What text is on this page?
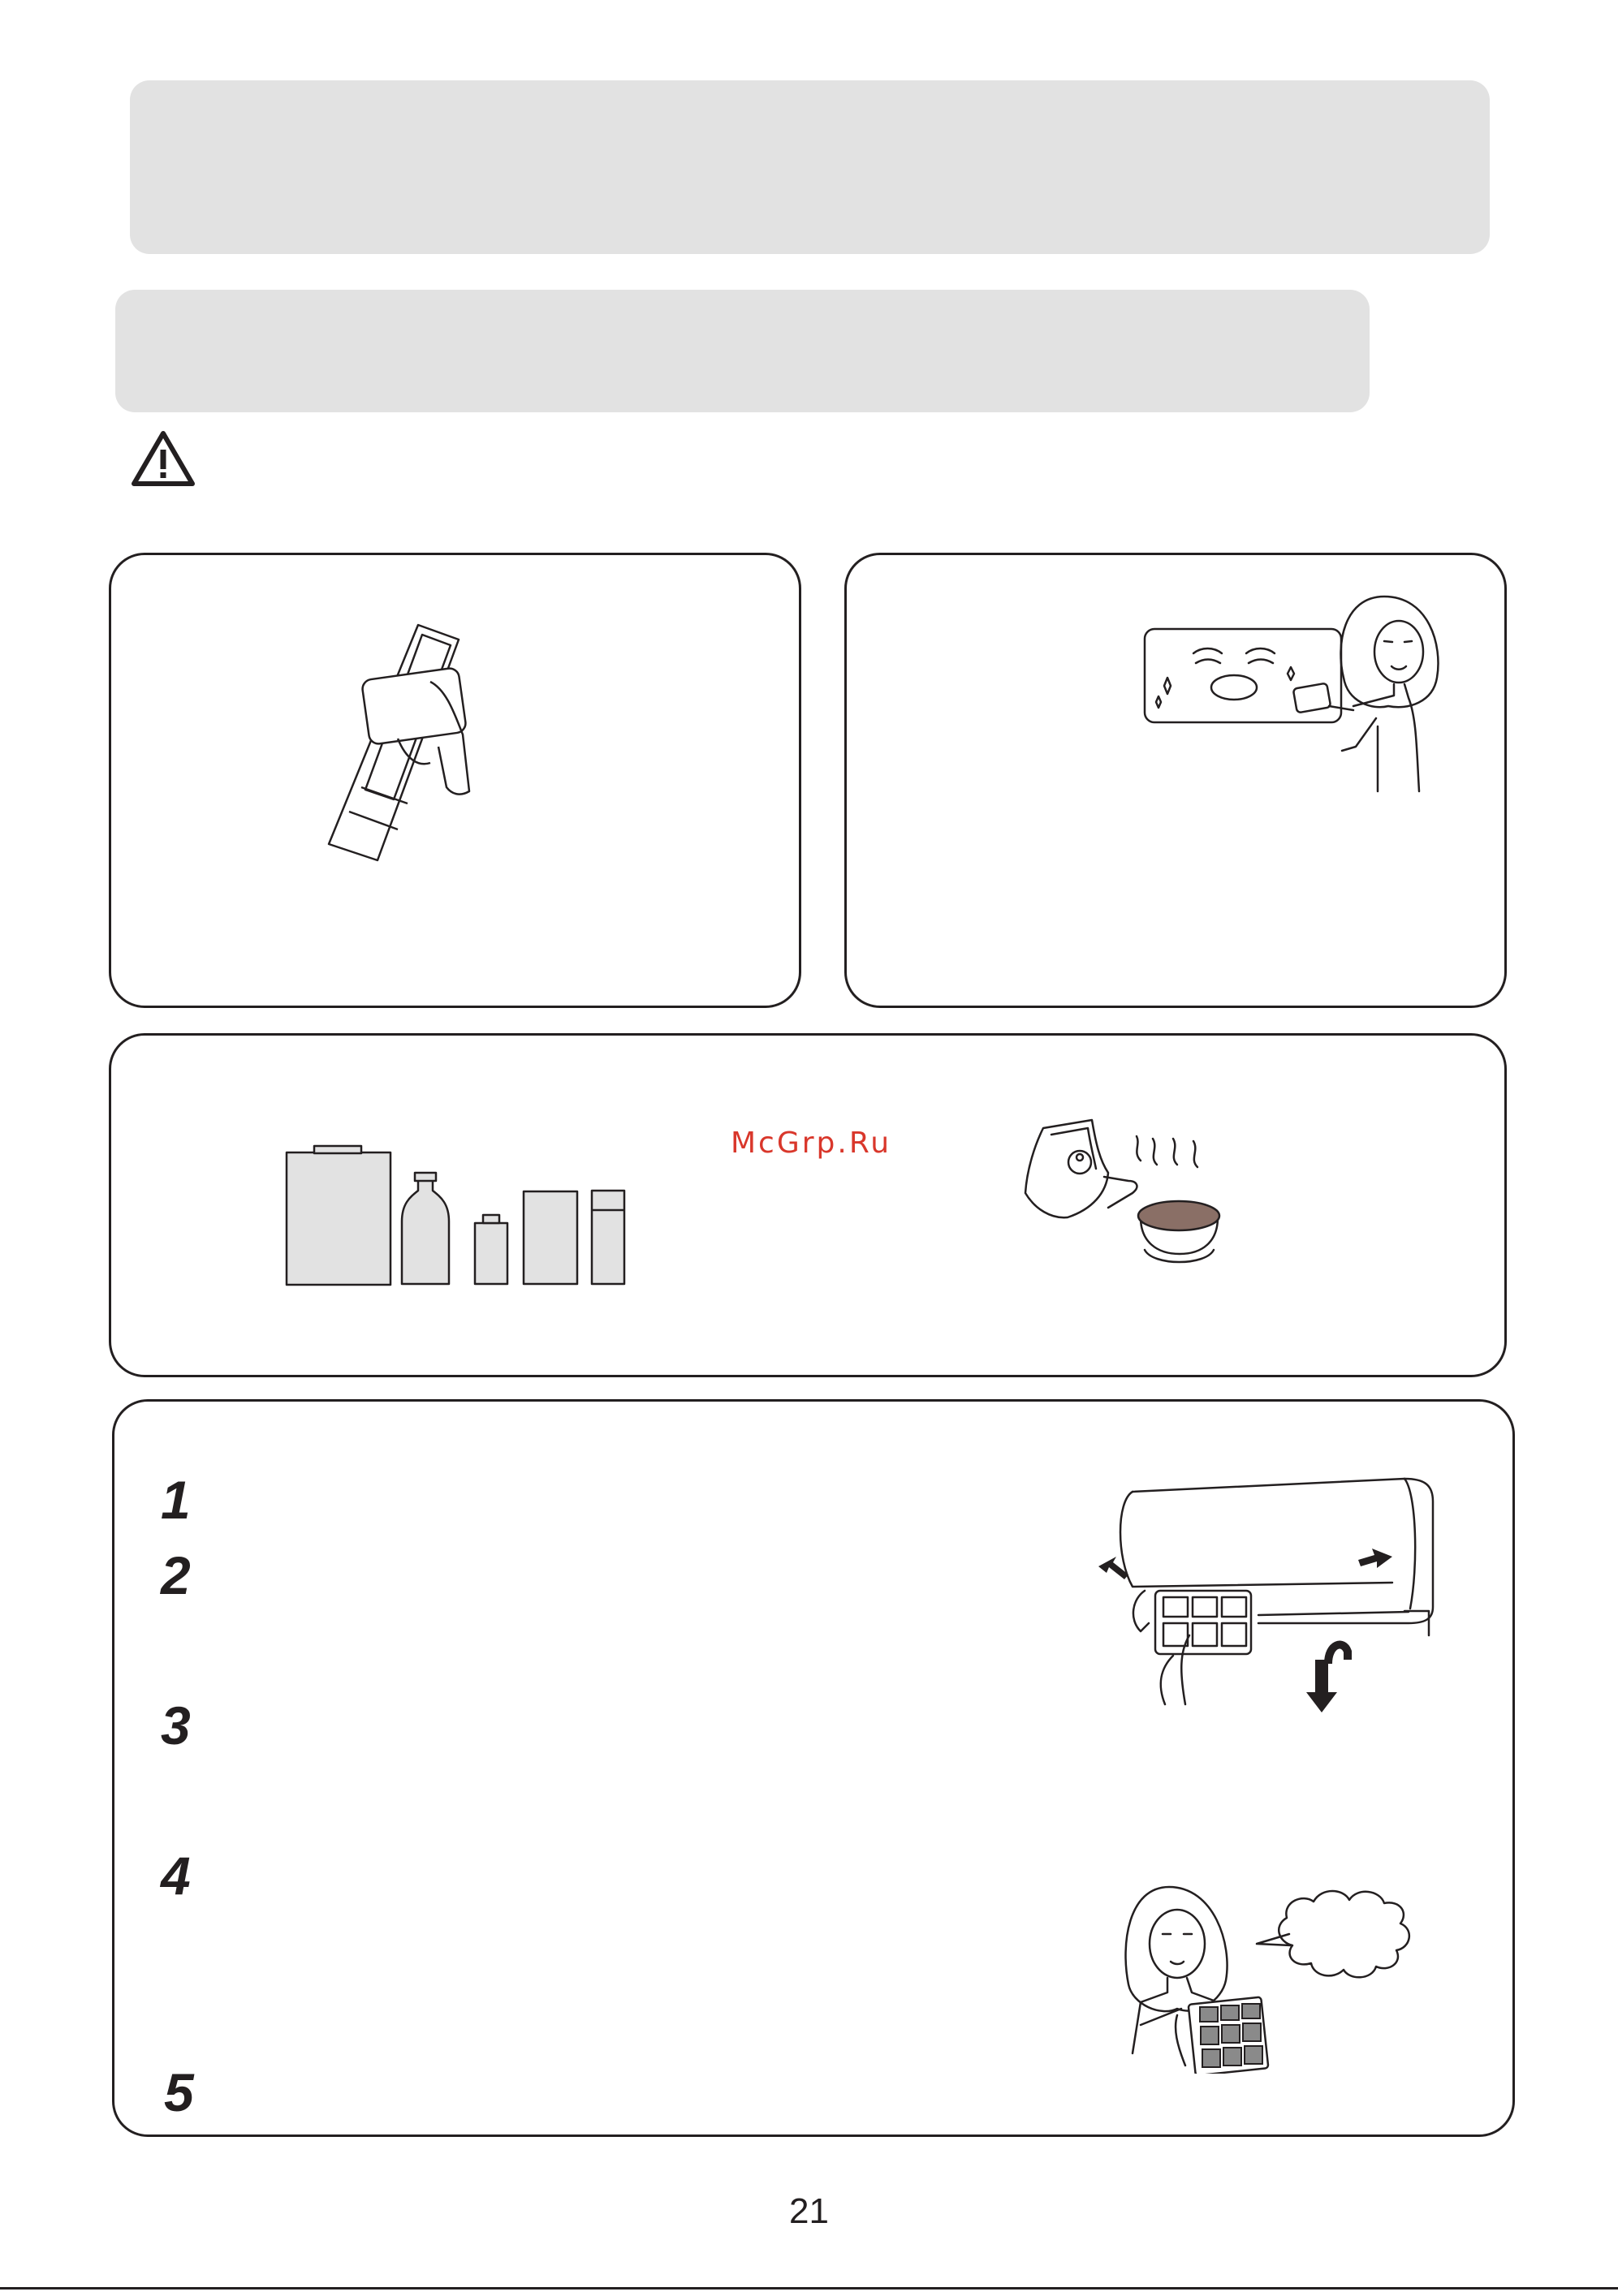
McGrp.Ru
1
2
3
4
5
21
